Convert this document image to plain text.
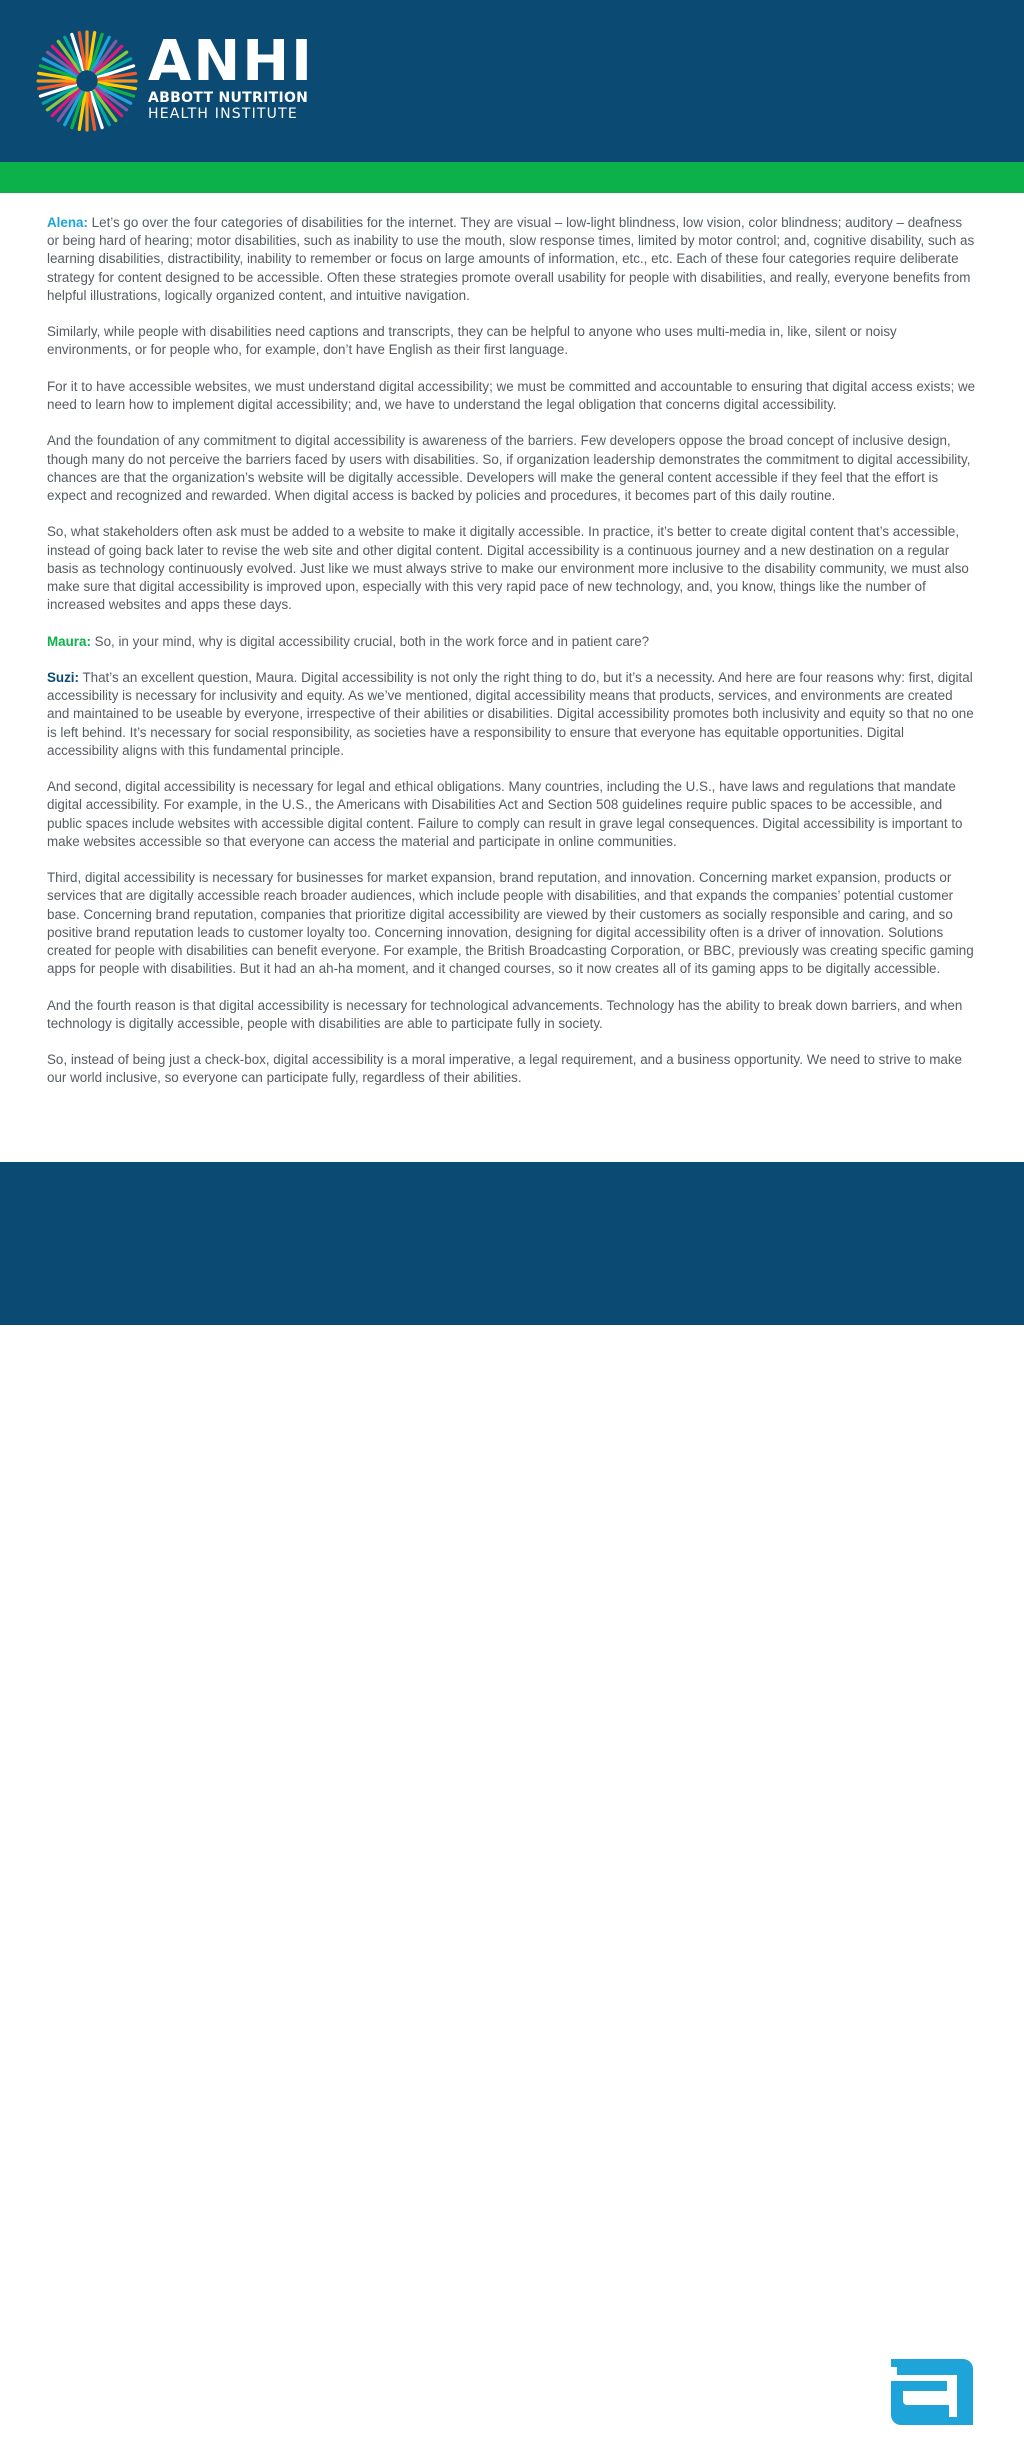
ANHI
ABBOTT NUTRITION
HEALTH INSTITUTE

Alena: Let’s go over the four categories of disabilities for the internet. They are visual – low-light blindness, low vision, color blindness; auditory – deafness or being hard of hearing; motor disabilities, such as inability to use the mouth, slow response times, limited by motor control; and, cognitive disability, such as learning disabilities, distractibility, inability to remember or focus on large amounts of information, etc., etc. Each of these four categories require deliberate strategy for content designed to be accessible. Often these strategies promote overall usability for people with disabilities, and really, everyone benefits from helpful illustrations, logically organized content, and intuitive navigation.

Similarly, while people with disabilities need captions and transcripts, they can be helpful to anyone who uses multi-media in, like, silent or noisy environments, or for people who, for example, don’t have English as their first language.

For it to have accessible websites, we must understand digital accessibility; we must be committed and accountable to ensuring that digital access exists; we need to learn how to implement digital accessibility; and, we have to understand the legal obligation that concerns digital accessibility.

And the foundation of any commitment to digital accessibility is awareness of the barriers. Few developers oppose the broad concept of inclusive design, though many do not perceive the barriers faced by users with disabilities. So, if organization leadership demonstrates the commitment to digital accessibility, chances are that the organization’s website will be digitally accessible. Developers will make the general content accessible if they feel that the effort is expect and recognized and rewarded. When digital access is backed by policies and procedures, it becomes part of this daily routine.

So, what stakeholders often ask must be added to a website to make it digitally accessible. In practice, it’s better to create digital content that’s accessible, instead of going back later to revise the web site and other digital content. Digital accessibility is a continuous journey and a new destination on a regular basis as technology continuously evolved. Just like we must always strive to make our environment more inclusive to the disability community, we must also make sure that digital accessibility is improved upon, especially with this very rapid pace of new technology, and, you know, things like the number of increased websites and apps these days.

Maura: So, in your mind, why is digital accessibility crucial, both in the work force and in patient care?

Suzi: That’s an excellent question, Maura. Digital accessibility is not only the right thing to do, but it’s a necessity. And here are four reasons why: first, digital accessibility is necessary for inclusivity and equity. As we’ve mentioned, digital accessibility means that products, services, and environments are created and maintained to be useable by everyone, irrespective of their abilities or disabilities. Digital accessibility promotes both inclusivity and equity so that no one is left behind. It’s necessary for social responsibility, as societies have a responsibility to ensure that everyone has equitable opportunities. Digital accessibility aligns with this fundamental principle.

And second, digital accessibility is necessary for legal and ethical obligations. Many countries, including the U.S., have laws and regulations that mandate digital accessibility. For example, in the U.S., the Americans with Disabilities Act and Section 508 guidelines require public spaces to be accessible, and public spaces include websites with accessible digital content. Failure to comply can result in grave legal consequences. Digital accessibility is important to make websites accessible so that everyone can access the material and participate in online communities.

Third, digital accessibility is necessary for businesses for market expansion, brand reputation, and innovation. Concerning market expansion, products or services that are digitally accessible reach broader audiences, which include people with disabilities, and that expands the companies’ potential customer base. Concerning brand reputation, companies that prioritize digital accessibility are viewed by their customers as socially responsible and caring, and so positive brand reputation leads to customer loyalty too. Concerning innovation, designing for digital accessibility often is a driver of innovation. Solutions created for people with disabilities can benefit everyone. For example, the British Broadcasting Corporation, or BBC, previously was creating specific gaming apps for people with disabilities. But it had an ah-ha moment, and it changed courses, so it now creates all of its gaming apps to be digitally accessible.

And the fourth reason is that digital accessibility is necessary for technological advancements. Technology has the ability to break down barriers, and when technology is digitally accessible, people with disabilities are able to participate fully in society.

So, instead of being just a check-box, digital accessibility is a moral imperative, a legal requirement, and a business opportunity. We need to strive to make our world inclusive, so everyone can participate fully, regardless of their abilities.

Abbott
